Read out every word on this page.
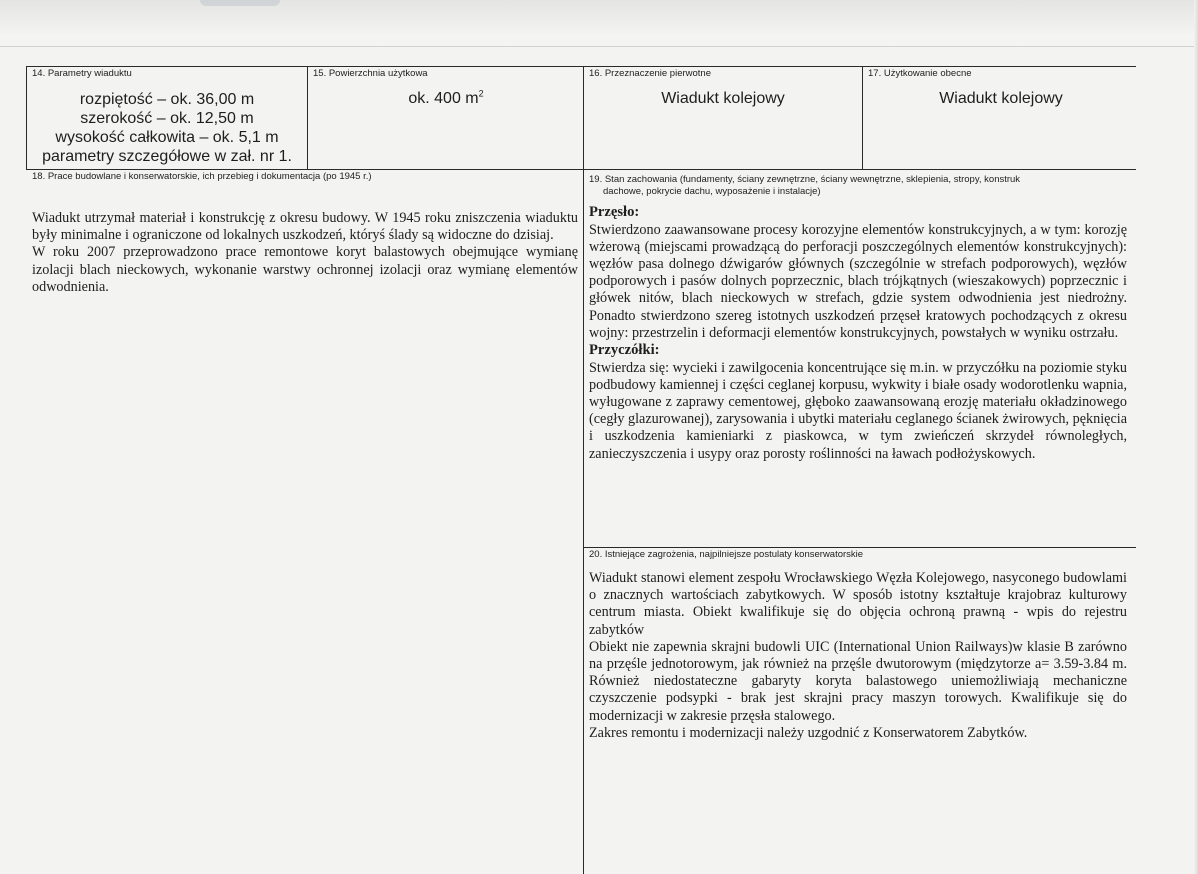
14. Parametry wiaduktu
rozpiętość – ok. 36,00 m
szerokość – ok. 12,50 m
wysokość całkowita – ok. 5,1 m
parametry szczegółowe w zał. nr 1.
15. Powierzchnia użytkowa
ok. 400 $m^2$
16. Przeznaczenie pierwotne
Wiadukt kolejowy
17. Użytkowanie obecne
Wiadukt kolejowy
18. Prace budowlane i konserwatorskie, ich przebieg i dokumentacja (po 1945 r.)

Wiadukt utrzymał materiał i konstrukcję z okresu budowy. W 1945 roku zniszczenia wiaduktu były minimalne i ograniczone od lokalnych uszkodzeń, któryś ślady są widoczne do dzisiaj.

W roku 2007 przeprowadzono prace remontowe koryt balastowych obejmujące wymianę izolacji blach nieckowych, wykonanie warstwy ochronnej izolacji oraz wymianę elementów odwodnienia.

19. Stan zachowania (fundamenty, ściany zewnętrzne, ściany wewnętrzne, sklepienia, stropy, konstruk
dachowe, pokrycie dachu, wyposażenie i instalacje)
Przęsło:

Stwierdzono zaawansowane procesy korozyjne elementów konstrukcyjnych, a w tym: korozję wżerową (miejscami prowadzącą do perforacji poszczególnych elementów konstrukcyjnych): węzłów pasa dolnego dźwigarów głównych (szczególnie w strefach podporowych), węzłów podporowych i pasów dolnych poprzecznic, blach trójkątnych (wieszakowych) poprzecznic i główek nitów, blach nieckowych w strefach, gdzie system odwodnienia jest niedrożny. Ponadto stwierdzono szereg istotnych uszkodzeń przęseł kratowych pochodzących z okresu wojny: przestrzelin i deformacji elementów konstrukcyjnych, powstałych w wyniku ostrzału.

Przyczółki:

Stwierdza się: wycieki i zawilgocenia koncentrujące się m.in. w przyczółku na poziomie styku podbudowy kamiennej i części ceglanej korpusu, wykwity i białe osady wodorotlenku wapnia, wyługowane z zaprawy cementowej, głęboko zaawansowaną erozję materiału okładzinowego (cegły glazurowanej), zarysowania i ubytki materiału ceglanego ścianek żwirowych, pęknięcia i uszkodzenia kamieniarki z piaskowca, w tym zwieńczeń skrzydeł równoległych, zanieczyszczenia i usypy oraz porosty roślinności na ławach podłożyskowych.

20. Istniejące zagrożenia, najpilniejsze postulaty konserwatorskie

Wiadukt stanowi element zespołu Wrocławskiego Węzła Kolejowego, nasyconego budowlami o znacznych wartościach zabytkowych. W sposób istotny kształtuje krajobraz kulturowy centrum miasta. Obiekt kwalifikuje się do objęcia ochroną prawną - wpis do rejestru zabytków

Obiekt nie zapewnia skrajni budowli UIC (International Union Railways)w klasie B zarówno na przęśle jednotorowym, jak również na przęśle dwutorowym (międzytorze a= 3.59-3.84 m. Również niedostateczne gabaryty koryta balastowego uniemożliwiają mechaniczne czyszczenie podsypki - brak jest skrajni pracy maszyn torowych. Kwalifikuje się do modernizacji w zakresie przęsła stalowego.

Zakres remontu i modernizacji należy uzgodnić z Konserwatorem Zabytków.
